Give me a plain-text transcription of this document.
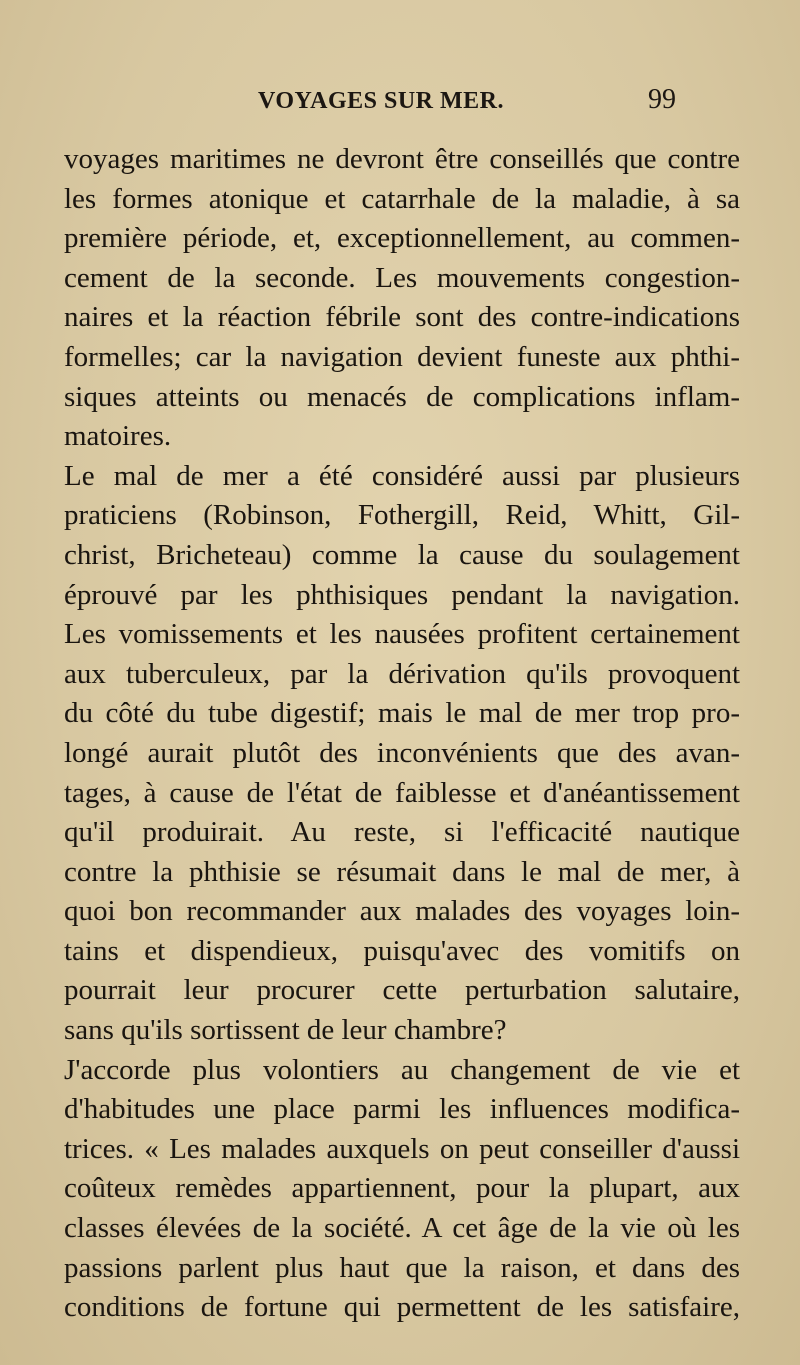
VOYAGES SUR MER.	99
voyages maritimes ne devront être conseillés que contre
les formes atonique et catarrhale de la maladie, à sa
première période, et, exceptionnellement, au commen-
cement de la seconde. Les mouvements congestion-
naires et la réaction fébrile sont des contre-indications
formelles; car la navigation devient funeste aux phthi-
siques atteints ou menacés de complications inflam-
matoires.
Le mal de mer a été considéré aussi par plusieurs
praticiens (Robinson, Fothergill, Reid, Whitt, Gil-
christ, Bricheteau) comme la cause du soulagement
éprouvé par les phthisiques pendant la navigation.
Les vomissements et les nausées profitent certainement
aux tuberculeux, par la dérivation qu'ils provoquent
du côté du tube digestif; mais le mal de mer trop pro-
longé aurait plutôt des inconvénients que des avan-
tages, à cause de l'état de faiblesse et d'anéantissement
qu'il produirait. Au reste, si l'efficacité nautique
contre la phthisie se résumait dans le mal de mer, à
quoi bon recommander aux malades des voyages loin-
tains et dispendieux, puisqu'avec des vomitifs on
pourrait leur procurer cette perturbation salutaire,
sans qu'ils sortissent de leur chambre?
J'accorde plus volontiers au changement de vie et
d'habitudes une place parmi les influences modifica-
trices. « Les malades auxquels on peut conseiller d'aussi
coûteux remèdes appartiennent, pour la plupart, aux
classes élevées de la société. A cet âge de la vie où les
passions parlent plus haut que la raison, et dans des
conditions de fortune qui permettent de les satisfaire,
